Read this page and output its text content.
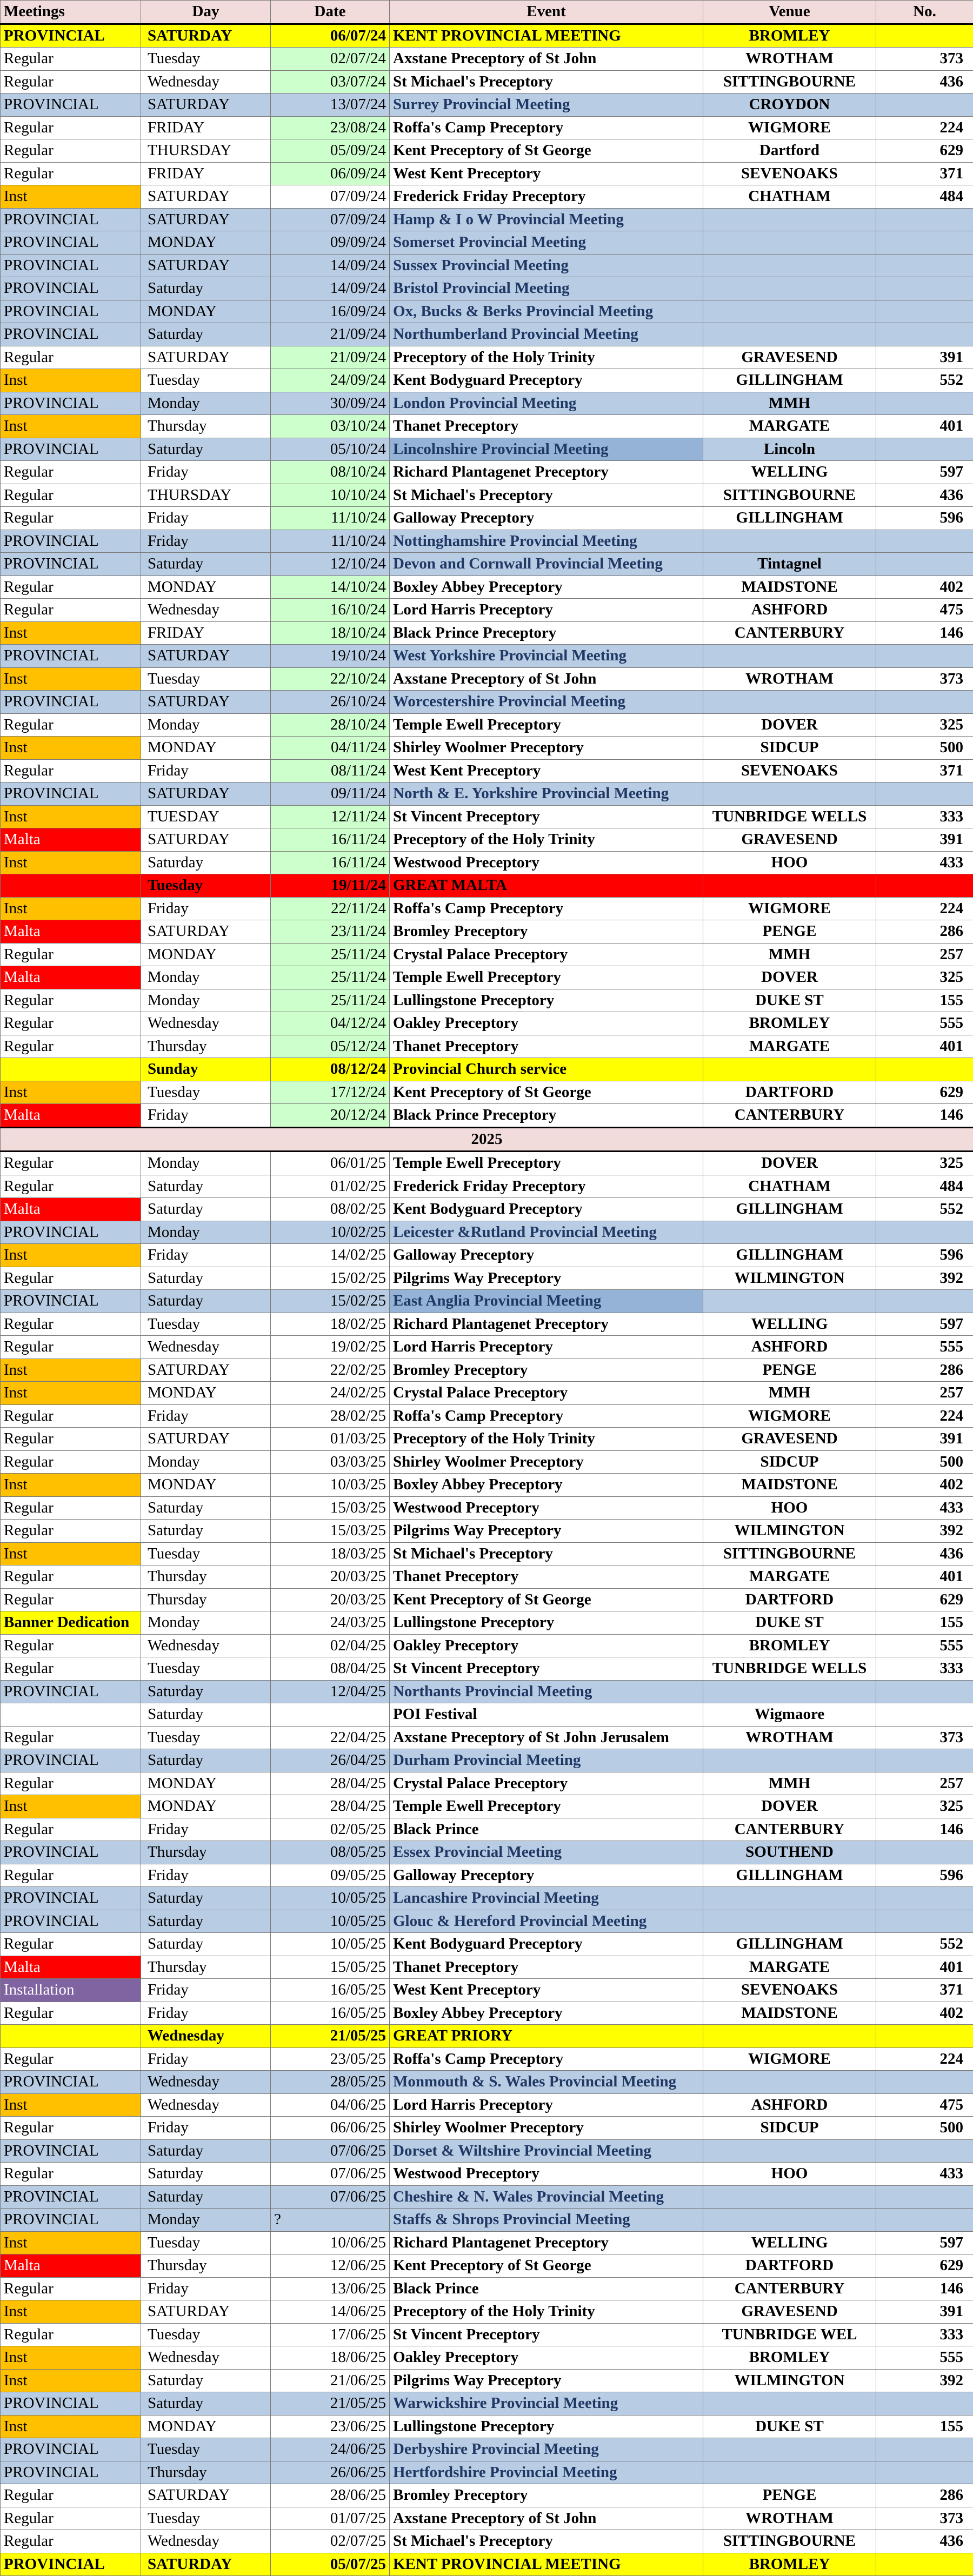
Meetings	Day	Date	Event	Venue	No.
PROVINCIAL	SATURDAY	06/07/24	KENT PROVINCIAL MEETING	BROMLEY	
Regular	Tuesday	02/07/24	Axstane Preceptory of St John	WROTHAM	373
Regular	Wednesday	03/07/24	St Michael's Preceptory	SITTINGBOURNE	436
PROVINCIAL	SATURDAY	13/07/24	Surrey Provincial Meeting	CROYDON	
Regular	FRIDAY	23/08/24	Roffa's Camp Preceptory	WIGMORE	224
Regular	THURSDAY	05/09/24	Kent Preceptory of St George	Dartford	629
Regular	FRIDAY	06/09/24	West Kent Preceptory	SEVENOAKS	371
Inst	SATURDAY	07/09/24	Frederick Friday Preceptory	CHATHAM	484
PROVINCIAL	SATURDAY	07/09/24	Hamp & I o W Provincial Meeting		
PROVINCIAL	MONDAY	09/09/24	Somerset Provincial Meeting		
PROVINCIAL	SATURDAY	14/09/24	Sussex Provincial Meeting		
PROVINCIAL	Saturday	14/09/24	Bristol Provincial Meeting		
PROVINCIAL	MONDAY	16/09/24	Ox, Bucks & Berks Provincial Meeting		
PROVINCIAL	Saturday	21/09/24	Northumberland Provincial Meeting		
Regular	SATURDAY	21/09/24	Preceptory of the Holy Trinity	GRAVESEND	391
Inst	Tuesday	24/09/24	Kent Bodyguard Preceptory	GILLINGHAM	552
PROVINCIAL	Monday	30/09/24	London Provincial Meeting	MMH	
Inst	Thursday	03/10/24	Thanet Preceptory	MARGATE	401
PROVINCIAL	Saturday	05/10/24	Lincolnshire Provincial Meeting	Lincoln	
Regular	Friday	08/10/24	Richard Plantagenet Preceptory	WELLING	597
Regular	THURSDAY	10/10/24	St Michael's Preceptory	SITTINGBOURNE	436
Regular	Friday	11/10/24	Galloway Preceptory	GILLINGHAM	596
PROVINCIAL	Friday	11/10/24	Nottinghamshire Provincial Meeting		
PROVINCIAL	Saturday	12/10/24	Devon and Cornwall Provincial Meeting	Tintagnel	
Regular	MONDAY	14/10/24	Boxley Abbey Preceptory	MAIDSTONE	402
Regular	Wednesday	16/10/24	Lord Harris Preceptory	ASHFORD	475
Inst	FRIDAY	18/10/24	Black Prince Preceptory	CANTERBURY	146
PROVINCIAL	SATURDAY	19/10/24	West Yorkshire Provincial Meeting		
Inst	Tuesday	22/10/24	Axstane Preceptory of St John	WROTHAM	373
PROVINCIAL	SATURDAY	26/10/24	Worcestershire Provincial Meeting		
Regular	Monday	28/10/24	Temple Ewell Preceptory	DOVER	325
Inst	MONDAY	04/11/24	Shirley Woolmer Preceptory	SIDCUP	500
Regular	Friday	08/11/24	West Kent Preceptory	SEVENOAKS	371
PROVINCIAL	SATURDAY	09/11/24	North & E. Yorkshire Provincial Meeting		
Inst	TUESDAY	12/11/24	St Vincent Preceptory	TUNBRIDGE WELLS	333
Malta	SATURDAY	16/11/24	Preceptory of the Holy Trinity	GRAVESEND	391
Inst	Saturday	16/11/24	Westwood Preceptory	HOO	433
	Tuesday	19/11/24	GREAT MALTA		
Inst	Friday	22/11/24	Roffa's Camp Preceptory	WIGMORE	224
Malta	SATURDAY	23/11/24	Bromley Preceptory	PENGE	286
Regular	MONDAY	25/11/24	Crystal Palace Preceptory	MMH	257
Malta	Monday	25/11/24	Temple Ewell Preceptory	DOVER	325
Regular	Monday	25/11/24	Lullingstone Preceptory	DUKE ST	155
Regular	Wednesday	04/12/24	Oakley Preceptory	BROMLEY	555
Regular	Thursday	05/12/24	Thanet Preceptory	MARGATE	401
	Sunday	08/12/24	Provincial Church service		
Inst	Tuesday	17/12/24	Kent Preceptory of St George	DARTFORD	629
Malta	Friday	20/12/24	Black Prince Preceptory	CANTERBURY	146
2025					
Regular	Monday	06/01/25	Temple Ewell Preceptory	DOVER	325
Regular	Saturday	01/02/25	Frederick Friday Preceptory	CHATHAM	484
Malta	Saturday	08/02/25	Kent Bodyguard Preceptory	GILLINGHAM	552
PROVINCIAL	Monday	10/02/25	Leicester &Rutland Provincial Meeting		
Inst	Friday	14/02/25	Galloway Preceptory	GILLINGHAM	596
Regular	Saturday	15/02/25	Pilgrims Way Preceptory	WILMINGTON	392
PROVINCIAL	Saturday	15/02/25	East Anglia Provincial Meeting		
Regular	Tuesday	18/02/25	Richard Plantagenet Preceptory	WELLING	597
Regular	Wednesday	19/02/25	Lord Harris Preceptory	ASHFORD	555
Inst	SATURDAY	22/02/25	Bromley Preceptory	PENGE	286
Inst	MONDAY	24/02/25	Crystal Palace Preceptory	MMH	257
Regular	Friday	28/02/25	Roffa's Camp Preceptory	WIGMORE	224
Regular	SATURDAY	01/03/25	Preceptory of the Holy Trinity	GRAVESEND	391
Regular	Monday	03/03/25	Shirley Woolmer Preceptory	SIDCUP	500
Inst	MONDAY	10/03/25	Boxley Abbey Preceptory	MAIDSTONE	402
Regular	Saturday	15/03/25	Westwood Preceptory	HOO	433
Regular	Saturday	15/03/25	Pilgrims Way Preceptory	WILMINGTON	392
Inst	Tuesday	18/03/25	St Michael's Preceptory	SITTINGBOURNE	436
Regular	Thursday	20/03/25	Thanet Preceptory	MARGATE	401
Regular	Thursday	20/03/25	Kent Preceptory of St George	DARTFORD	629
Banner Dedication	Monday	24/03/25	Lullingstone Preceptory	DUKE ST	155
Regular	Wednesday	02/04/25	Oakley Preceptory	BROMLEY	555
Regular	Tuesday	08/04/25	St Vincent Preceptory	TUNBRIDGE WELLS	333
PROVINCIAL	Saturday	12/04/25	Northants Provincial Meeting		
	Saturday		POI Festival	Wigmaore	
Regular	Tuesday	22/04/25	Axstane Preceptory of St John Jerusalem	WROTHAM	373
PROVINCIAL	Saturday	26/04/25	Durham Provincial Meeting		
Regular	MONDAY	28/04/25	Crystal Palace Preceptory	MMH	257
Inst	MONDAY	28/04/25	Temple Ewell Preceptory	DOVER	325
Regular	Friday	02/05/25	Black Prince	CANTERBURY	146
PROVINCIAL	Thursday	08/05/25	Essex Provincial Meeting	SOUTHEND	
Regular	Friday	09/05/25	Galloway Preceptory	GILLINGHAM	596
PROVINCIAL	Saturday	10/05/25	Lancashire Provincial Meeting		
PROVINCIAL	Saturday	10/05/25	Glouc & Hereford Provincial Meeting		
Regular	Saturday	10/05/25	Kent Bodyguard Preceptory	GILLINGHAM	552
Malta	Thursday	15/05/25	Thanet Preceptory	MARGATE	401
Installation	Friday	16/05/25	West Kent Preceptory	SEVENOAKS	371
Regular	Friday	16/05/25	Boxley Abbey Preceptory	MAIDSTONE	402
	Wednesday	21/05/25	GREAT PRIORY		
Regular	Friday	23/05/25	Roffa's Camp Preceptory	WIGMORE	224
PROVINCIAL	Wednesday	28/05/25	Monmouth & S. Wales Provincial Meeting		
Inst	Wednesday	04/06/25	Lord Harris Preceptory	ASHFORD	475
Regular	Friday	06/06/25	Shirley Woolmer Preceptory	SIDCUP	500
PROVINCIAL	Saturday	07/06/25	Dorset & Wiltshire Provincial Meeting		
Regular	Saturday	07/06/25	Westwood Preceptory	HOO	433
PROVINCIAL	Saturday	07/06/25	Cheshire & N. Wales Provincial Meeting		
PROVINCIAL	Monday	?	Staffs & Shrops Provincial Meeting		
Inst	Tuesday	10/06/25	Richard Plantagenet Preceptory	WELLING	597
Malta	Thursday	12/06/25	Kent Preceptory of St George	DARTFORD	629
Regular	Friday	13/06/25	Black Prince	CANTERBURY	146
Inst	SATURDAY	14/06/25	Preceptory of the Holy Trinity	GRAVESEND	391
Regular	Tuesday	17/06/25	St Vincent Preceptory	TUNBRIDGE WEL	333
Inst	Wednesday	18/06/25	Oakley Preceptory	BROMLEY	555
Inst	Saturday	21/06/25	Pilgrims Way Preceptory	WILMINGTON	392
PROVINCIAL	Saturday	21/05/25	Warwickshire Provincial Meeting		
Inst	MONDAY	23/06/25	Lullingstone Preceptory	DUKE ST	155
PROVINCIAL	Tuesday	24/06/25	Derbyshire Provincial Meeting		
PROVINCIAL	Thursday	26/06/25	Hertfordshire Provincial Meeting		
Regular	SATURDAY	28/06/25	Bromley Preceptory	PENGE	286
Regular	Tuesday	01/07/25	Axstane Preceptory of St John	WROTHAM	373
Regular	Wednesday	02/07/25	St Michael's Preceptory	SITTINGBOURNE	436
PROVINCIAL	SATURDAY	05/07/25	KENT PROVINCIAL MEETING	BROMLEY	
